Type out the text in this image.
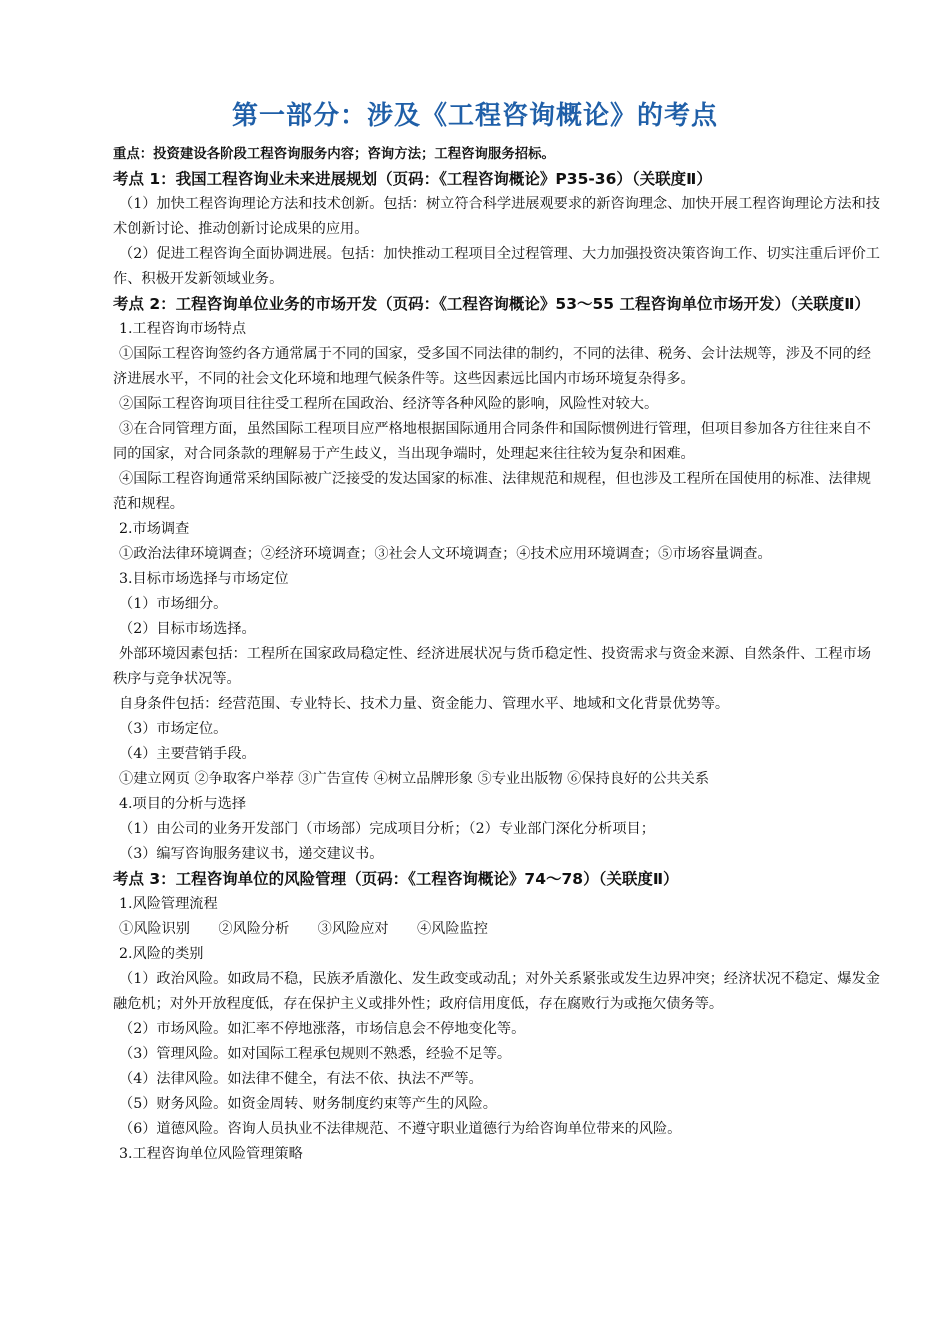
第一部分：涉及《工程咨询概论》的考点

重点：投资建设各阶段工程咨询服务内容；咨询方法；工程咨询服务招标。

考点 1：我国工程咨询业未来进展规划（页码：《工程咨询概论》P35-36）（关联度Ⅱ）

（1）加快工程咨询理论方法和技术创新。包括：树立符合科学进展观要求的新咨询理念、加快开展工程咨询理论方法和技术创新讨论、推动创新讨论成果的应用。

（2）促进工程咨询全面协调进展。包括：加快推动工程项目全过程管理、大力加强投资决策咨询工作、切实注重后评价工作、积极开发新领域业务。

考点 2：工程咨询单位业务的市场开发（页码：《工程咨询概论》53～55 工程咨询单位市场开发）（关联度Ⅱ）

1.工程咨询市场特点

①国际工程咨询签约各方通常属于不同的国家，受多国不同法律的制约，不同的法律、税务、会计法规等，涉及不同的经济进展水平，不同的社会文化环境和地理气候条件等。这些因素远比国内市场环境复杂得多。

②国际工程咨询项目往往受工程所在国政治、经济等各种风险的影响，风险性对较大。

③在合同管理方面，虽然国际工程项目应严格地根据国际通用合同条件和国际惯例进行管理，但项目参加各方往往来自不同的国家，对合同条款的理解易于产生歧义，当出现争端时，处理起来往往较为复杂和困难。

④国际工程咨询通常采纳国际被广泛接受的发达国家的标准、法律规范和规程，但也涉及工程所在国使用的标准、法律规范和规程。

2.市场调查

①政治法律环境调查；②经济环境调查；③社会人文环境调查；④技术应用环境调查；⑤市场容量调查。

3.目标市场选择与市场定位

（1）市场细分。

（2）目标市场选择。

外部环境因素包括：工程所在国家政局稳定性、经济进展状况与货币稳定性、投资需求与资金来源、自然条件、工程市场秩序与竞争状况等。

自身条件包括：经营范围、专业特长、技术力量、资金能力、管理水平、地域和文化背景优势等。

（3）市场定位。

（4）主要营销手段。

①建立网页 ②争取客户举荐 ③广告宣传 ④树立品牌形象 ⑤专业出版物 ⑥保持良好的公共关系

4.项目的分析与选择

（1）由公司的业务开发部门（市场部）完成项目分析；（2）专业部门深化分析项目；

（3）编写咨询服务建议书，递交建议书。

考点 3：工程咨询单位的风险管理（页码：《工程咨询概论》74～78）（关联度Ⅱ）

1.风险管理流程

①风险识别　　②风险分析　　③风险应对　　④风险监控

2.风险的类别

（1）政治风险。如政局不稳，民族矛盾激化、发生政变或动乱；对外关系紧张或发生边界冲突；经济状况不稳定、爆发金融危机；对外开放程度低，存在保护主义或排外性；政府信用度低，存在腐败行为或拖欠债务等。

（2）市场风险。如汇率不停地涨落，市场信息会不停地变化等。

（3）管理风险。如对国际工程承包规则不熟悉，经验不足等。

（4）法律风险。如法律不健全，有法不依、执法不严等。

（5）财务风险。如资金周转、财务制度约束等产生的风险。

（6）道德风险。咨询人员执业不法律规范、不遵守职业道德行为给咨询单位带来的风险。

3.工程咨询单位风险管理策略
